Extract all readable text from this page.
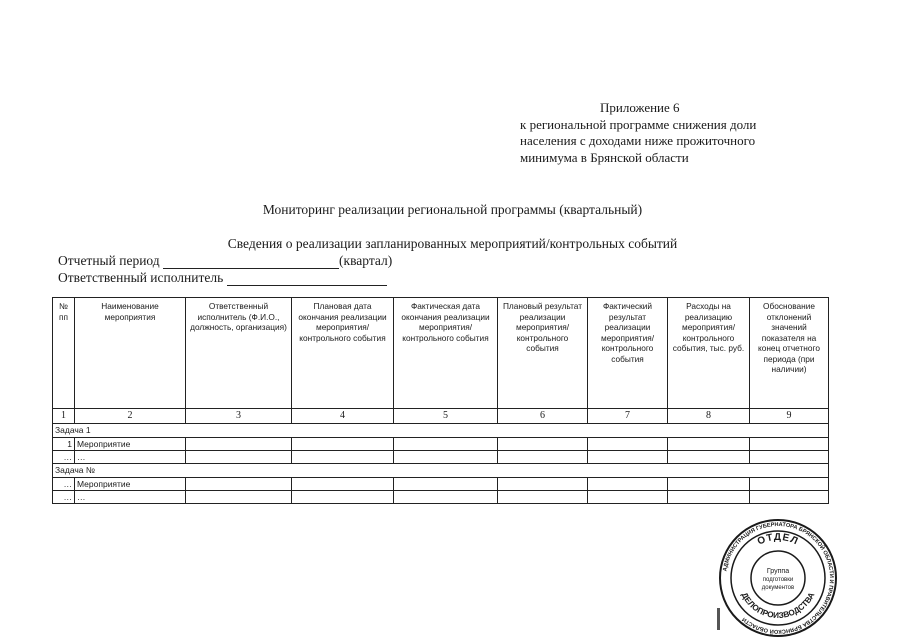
Приложение 6
к региональной программе снижения доли
населения с доходами ниже прожиточного
минимума в Брянской области
Мониторинг реализации региональной программы (квартальный)
Сведения о реализации запланированных мероприятий/контрольных событий
Отчетный период	(квартал)
Ответственный исполнитель
№ пп	Наименование мероприятия	Ответственный исполнитель (Ф.И.О., должность, организация)	Плановая дата окончания реализации мероприятия/ контрольного события	Фактическая дата окончания реализации мероприятия/ контрольного события	Плановый результат реализации мероприятия/ контрольного события	Фактический результат реализации мероприятия/ контрольного события	Расходы на реализацию мероприятия/ контрольного события, тыс. руб.	Обоснование отклонений значений показателя на конец отчетного периода (при наличии)
1	2	3	4	5	6	7	8	9
Задача 1								
1	Мероприятие							
…	…							
Задача №								
…	Мероприятие							
…	…							
АДМИНИСТРАЦИЯ ГУБЕРНАТОРА БРЯНСКОЙ ОБЛАСТИ И ПРАВИТЕЛЬСТВА БРЯНСКОЙ ОБЛАСТИ
ОТДЕЛ
ДЕЛОПРОИЗВОДСТВА
Группа
подготовки
документов
